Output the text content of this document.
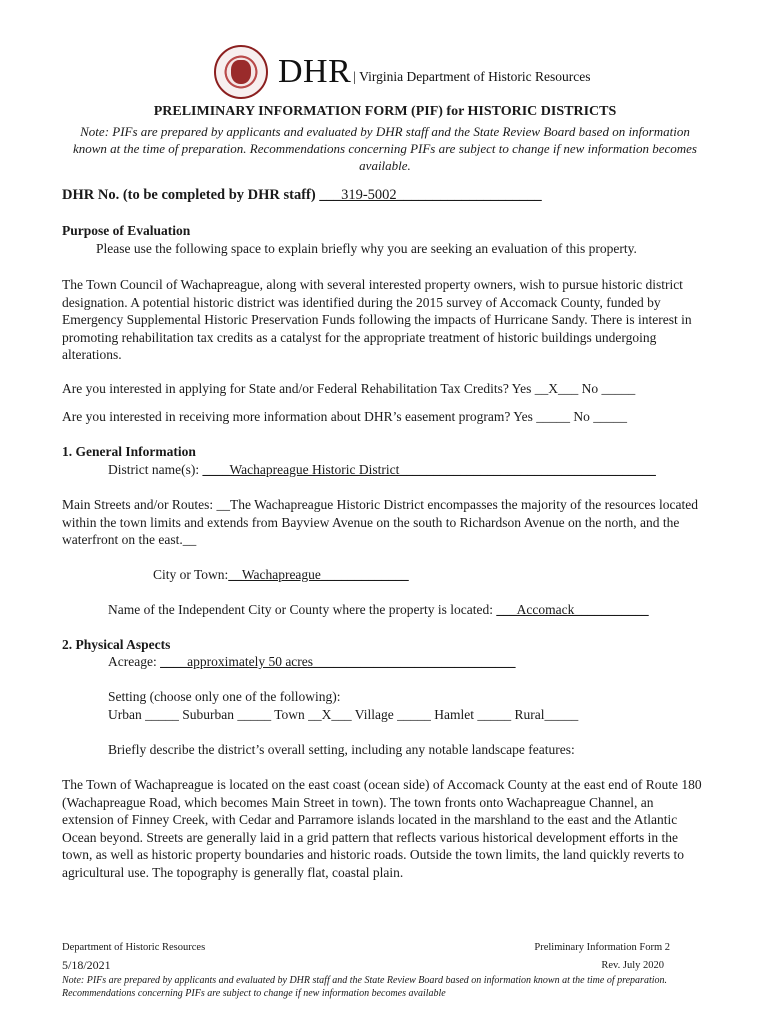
DHR | Virginia Department of Historic Resources
PRELIMINARY INFORMATION FORM (PIF) for HISTORIC DISTRICTS
Note: PIFs are prepared by applicants and evaluated by DHR staff and the State Review Board based on information known at the time of preparation. Recommendations concerning PIFs are subject to change if new information becomes available.
DHR No. (to be completed by DHR staff) ___319-5002____________________
Purpose of Evaluation
Please use the following space to explain briefly why you are seeking an evaluation of this property.
The Town Council of Wachapreague, along with several interested property owners, wish to pursue historic district designation. A potential historic district was identified during the 2015 survey of Accomack County, funded by Emergency Supplemental Historic Preservation Funds following the impacts of Hurricane Sandy. There is interest in promoting rehabilitation tax credits as a catalyst for the appropriate treatment of historic buildings undergoing alterations.
Are you interested in applying for State and/or Federal Rehabilitation Tax Credits? Yes __X___ No _____
Are you interested in receiving more information about DHR’s easement program? Yes _____ No _____
1. General Information
District name(s): ____Wachapreague Historic District______________________________________
Main Streets and/or Routes: __The Wachapreague Historic District encompasses the majority of the resources located within the town limits and extends from Bayview Avenue on the south to Richardson Avenue on the north, and the waterfront on the east.__
City or Town:__Wachapreague_____________
Name of the Independent City or County where the property is located: ___Accomack___________
2. Physical Aspects
Acreage: ____approximately 50 acres______________________________
Setting (choose only one of the following):
Urban _____ Suburban _____ Town __X___ Village _____ Hamlet _____ Rural_____
Briefly describe the district’s overall setting, including any notable landscape features:
The Town of Wachapreague is located on the east coast (ocean side) of Accomack County at the east end of Route 180 (Wachapreague Road, which becomes Main Street in town). The town fronts onto Wachapreague Channel, an extension of Finney Creek, with Cedar and Parramore islands located in the marshland to the east and the Atlantic Ocean beyond. Streets are generally laid in a grid pattern that reflects various historical development efforts in the town, as well as historic property boundaries and historic roads. Outside the town limits, the land quickly reverts to agricultural use. The topography is generally flat, coastal plain.
Department of Historic Resources	Preliminary Information Form 2
5/18/2021	Rev. July 2020
Note: PIFs are prepared by applicants and evaluated by DHR staff and the State Review Board based on information known at the time of preparation. Recommendations concerning PIFs are subject to change if new information becomes available
